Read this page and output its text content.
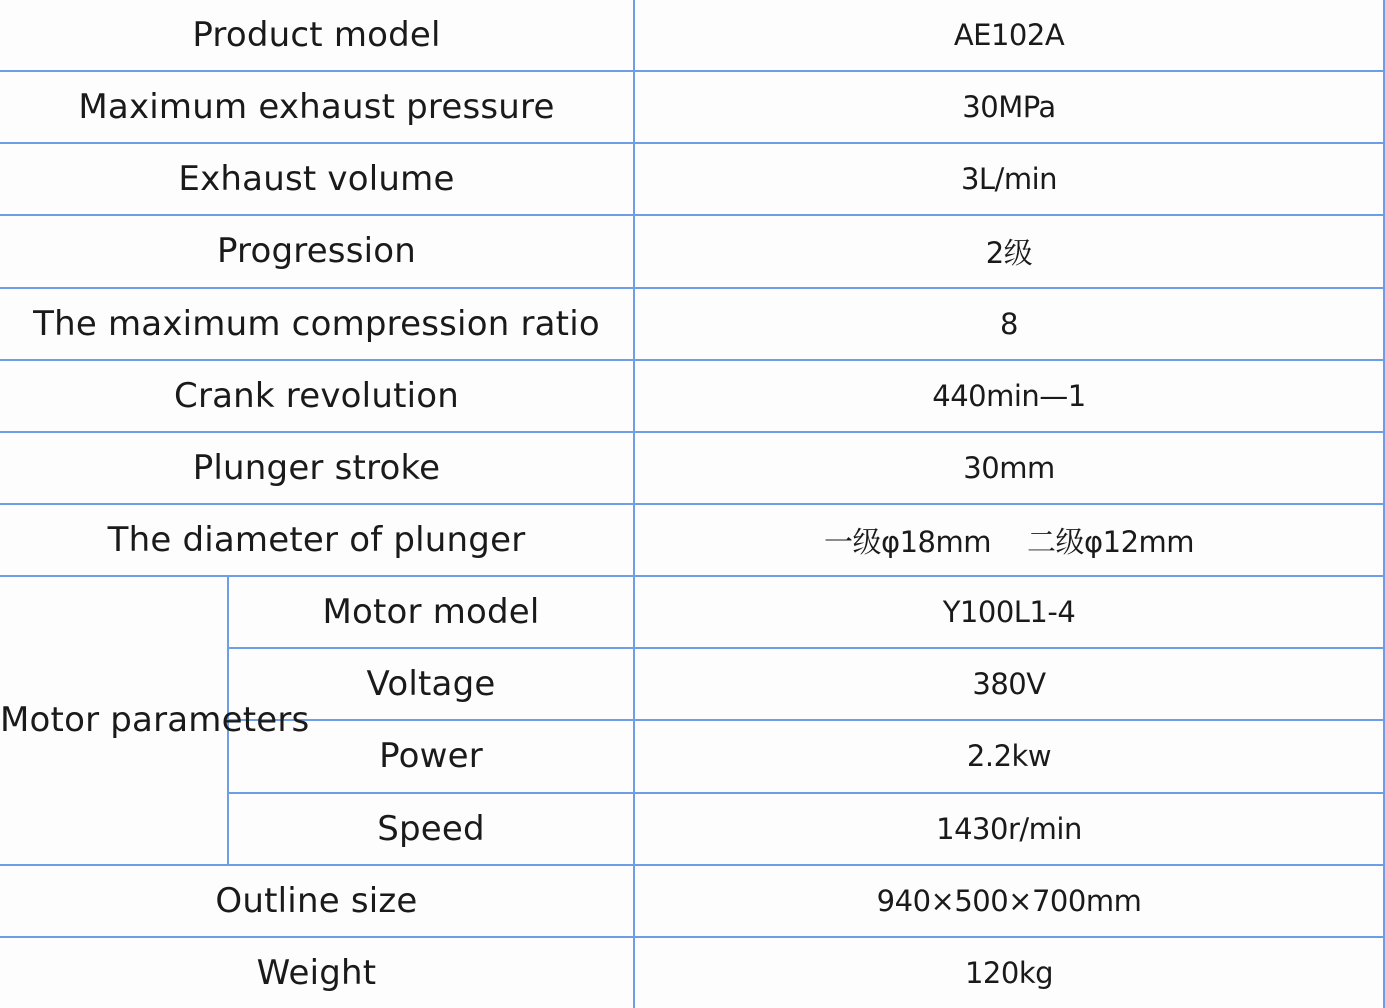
Product model		AE102A
Maximum exhaust pressure		30MPa
Exhaust volume		3L/min
Progression		2级
The maximum compression ratio		8
Crank revolution		440min—1
Plunger stroke		30mm
The diameter of plunger		一级φ18mm 二级φ12mm
Motor parameters	Motor model	Y100L1-4
	Voltage	380V
	Power	2.2kw
	Speed	1430r/min
Outline size		940×500×700mm
Weight		120kg
